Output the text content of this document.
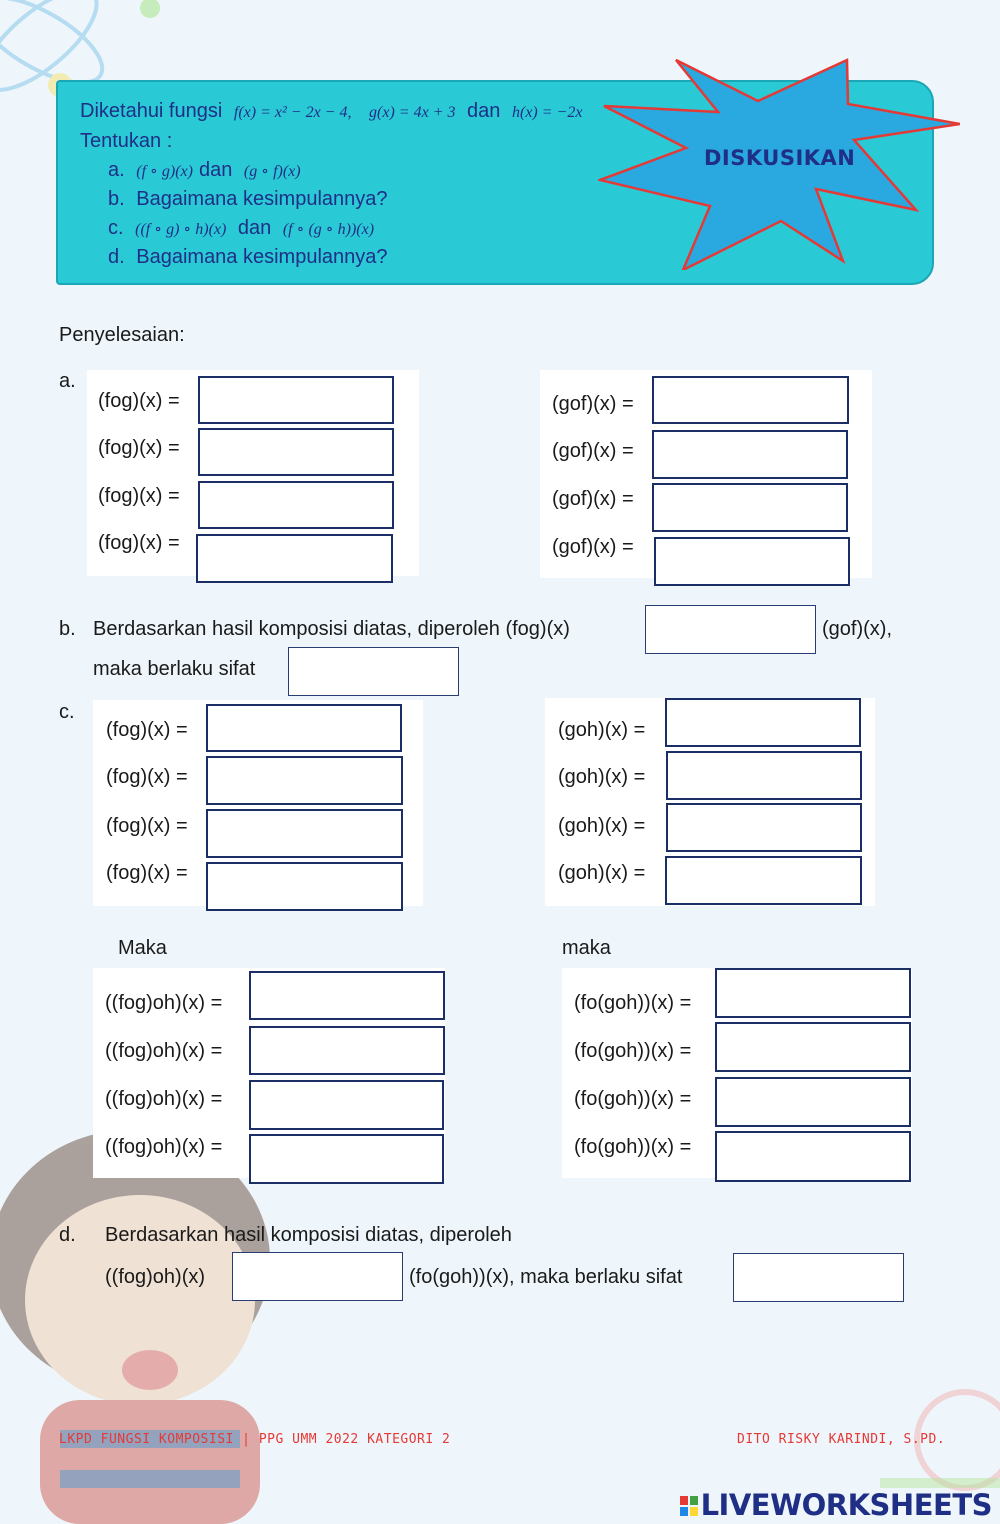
Diketahui fungsi f(x) = x² − 2x − 4, g(x) = 4x + 3 dan h(x) = −2x
Tentukan :
a. (f ∘ g)(x) dan (g ∘ f)(x)
b. Bagaimana kesimpulannya?
c. ((f ∘ g) ∘ h)(x) dan (f ∘ (g ∘ h))(x)
d. Bagaimana kesimpulannya?
DISKUSIKAN
Penyelesaian:
a.
(fog)(x) =
(fog)(x) =
(fog)(x) =
(fog)(x) =
(gof)(x) =
(gof)(x) =
(gof)(x) =
(gof)(x) =
b. Berdasarkan hasil komposisi diatas, diperoleh (fog)(x)	(gof)(x),
maka berlaku sifat
c.
(fog)(x) =
(fog)(x) =
(fog)(x) =
(fog)(x) =
(goh)(x) =
(goh)(x) =
(goh)(x) =
(goh)(x) =
Maka	maka
((fog)oh)(x) =
((fog)oh)(x) =
((fog)oh)(x) =
((fog)oh)(x) =
(fo(goh))(x) =
(fo(goh))(x) =
(fo(goh))(x) =
(fo(goh))(x) =
d. Berdasarkan hasil komposisi diatas, diperoleh
((fog)oh)(x)	(fo(goh))(x), maka berlaku sifat
LKPD FUNGSI KOMPOSISI | PPG UMM 2022 KATEGORI 2	DITO RISKY KARINDI, S.PD.
LIVEWORKSHEETS
